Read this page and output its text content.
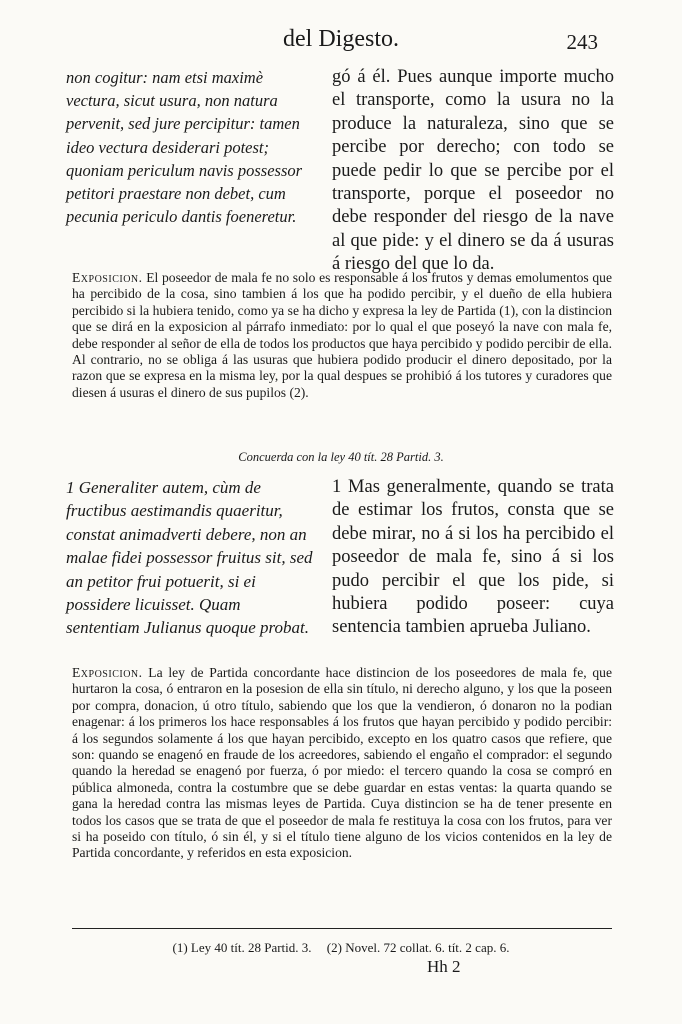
del Digesto.	243

non cogitur: nam etsi maximè vectura, sicut usura, non natura pervenit, sed jure percipitur: tamen ideo vectura desiderari potest; quoniam periculum navis possessor petitori praestare non debet, cum pecunia periculo dantis foeneretur.

gó á él. Pues aunque importe mucho el transporte, como la usura no la produce la naturaleza, sino que se percibe por derecho; con todo se puede pedir lo que se percibe por el transporte, porque el poseedor no debe responder del riesgo de la nave al que pide: y el dinero se da á usuras á riesgo del que lo da.

Exposicion. El poseedor de mala fe no solo es responsable á los frutos y demas emolumentos que ha percibido de la cosa, sino tambien á los que ha podido percibir, y el dueño de ella hubiera percibido si la hubiera tenido, como ya se ha dicho y expresa la ley de Partida (1), con la distincion que se dirá en la exposicion al párrafo inmediato: por lo qual el que poseyó la nave con mala fe, debe responder al señor de ella de todos los productos que haya percibido y podido percibir de ella. Al contrario, no se obliga á las usuras que hubiera podido producir el dinero depositado, por la razon que se expresa en la misma ley, por la qual despues se prohibió á los tutores y curadores que diesen á usuras el dinero de sus pupilos (2).

Concuerda con la ley 40 tít. 28 Partid. 3.

1 Generaliter autem, cùm de fructibus aestimandis quaeritur, constat animadverti debere, non an malae fidei possessor fruitus sit, sed an petitor frui potuerit, si ei possidere licuisset. Quam sententiam Julianus quoque probat.

1 Mas generalmente, quando se trata de estimar los frutos, consta que se debe mirar, no á si los ha percibido el poseedor de mala fe, sino á si los pudo percibir el que los pide, si hubiera podido poseer: cuya sentencia tambien aprueba Juliano.

Exposicion. La ley de Partida concordante hace distincion de los poseedores de mala fe, que hurtaron la cosa, ó entraron en la posesion de ella sin título, ni derecho alguno, y los que la poseen por compra, donacion, ú otro título, sabiendo que los que la vendieron, ó donaron no la podian enagenar: á los primeros los hace responsables á los frutos que hayan percibido y podido percibir: á los segundos solamente á los que hayan percibido, excepto en los quatro casos que refiere, que son: quando se enagenó en fraude de los acreedores, sabiendo el engaño el comprador: el segundo quando la heredad se enagenó por fuerza, ó por miedo: el tercero quando la cosa se compró en pública almoneda, contra la costumbre que se debe guardar en estas ventas: la quarta quando se gana la heredad contra las mismas leyes de Partida. Cuya distincion se ha de tener presente en todos los casos que se trata de que el poseedor de mala fe restituya la cosa con los frutos, para ver si ha poseido con título, ó sin él, y si el título tiene alguno de los vicios contenidos en la ley de Partida concordante, y referidos en esta exposicion.

(1) Ley 40 tít. 28 Partid. 3. (2) Novel. 72 collat. 6. tít. 2 cap. 6.
Hh 2
